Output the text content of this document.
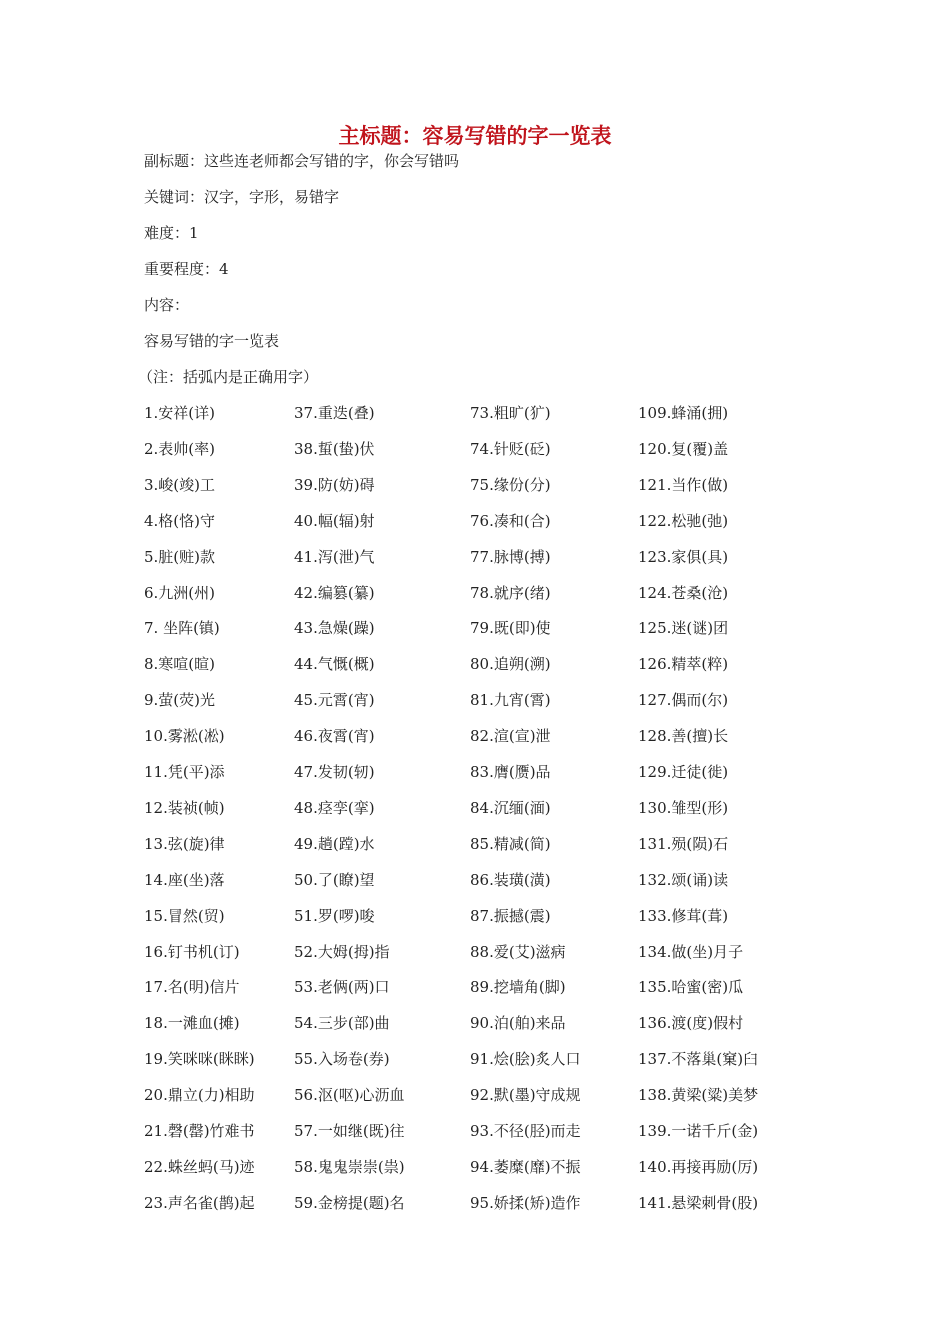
主标题：容易写错的字一览表
副标题：这些连老师都会写错的字，你会写错吗
关键词：汉字，字形，易错字
难度：1
重要程度：4
内容：
容易写错的字一览表
（注：括弧内是正确用字）
1.安祥(详)
2.表帅(率)
3.峻(竣)工
4.格(恪)守
5.脏(赃)款
6.九洲(州)
7. 坐阵(镇)
8.寒喧(暄)
9.萤(荧)光
10.雾淞(凇)
11.凭(平)添
12.装祯(帧)
13.弦(旋)律
14.座(坐)落
15.冒然(贸)
16.钉书机(订)
17.名(明)信片
18.一滩血(摊)
19.笑咪咪(眯眯)
20.鼎立(力)相助
21.磬(罄)竹难书
22.蛛丝蚂(马)迹
23.声名雀(鹊)起
37.重迭(叠)
38.蜇(蛰)伏
39.防(妨)碍
40.幅(辐)射
41.泻(泄)气
42.编篡(纂)
43.急燥(躁)
44.气慨(概)
45.元霄(宵)
46.夜霄(宵)
47.发韧(轫)
48.痉孪(挛)
49.趟(蹚)水
50.了(瞭)望
51.罗(啰)唆
52.大姆(拇)指
53.老俩(两)口
54.三步(部)曲
55.入场卷(券)
56.沤(呕)心沥血
57.一如继(既)往
58.鬼鬼崇崇(祟)
59.金榜提(题)名
73.粗旷(犷)
74.针贬(砭)
75.缘份(分)
76.凑和(合)
77.脉博(搏)
78.就序(绪)
79.既(即)使
80.追朔(溯)
81.九宵(霄)
82.渲(宣)泄
83.膺(赝)品
84.沉缅(湎)
85.精减(简)
86.装璜(潢)
87.振撼(震)
88.爱(艾)滋病
89.挖墙角(脚)
90.泊(舶)来品
91.烩(脍)炙人口
92.默(墨)守成规
93.不径(胫)而走
94.萎糜(靡)不振
95.娇揉(矫)造作
109.蜂涌(拥)
120.复(覆)盖
121.当作(做)
122.松驰(弛)
123.家俱(具)
124.苍桑(沧)
125.迷(谜)团
126.精萃(粹)
127.偶而(尔)
128.善(擅)长
129.迁徒(徙)
130.雏型(形)
131.殒(陨)石
132.颂(诵)读
133.修茸(葺)
134.做(坐)月子
135.哈蜜(密)瓜
136.渡(度)假村
137.不落巢(窠)臼
138.黄梁(粱)美梦
139.一诺千斤(金)
140.再接再励(厉)
141.悬梁刺骨(股)
